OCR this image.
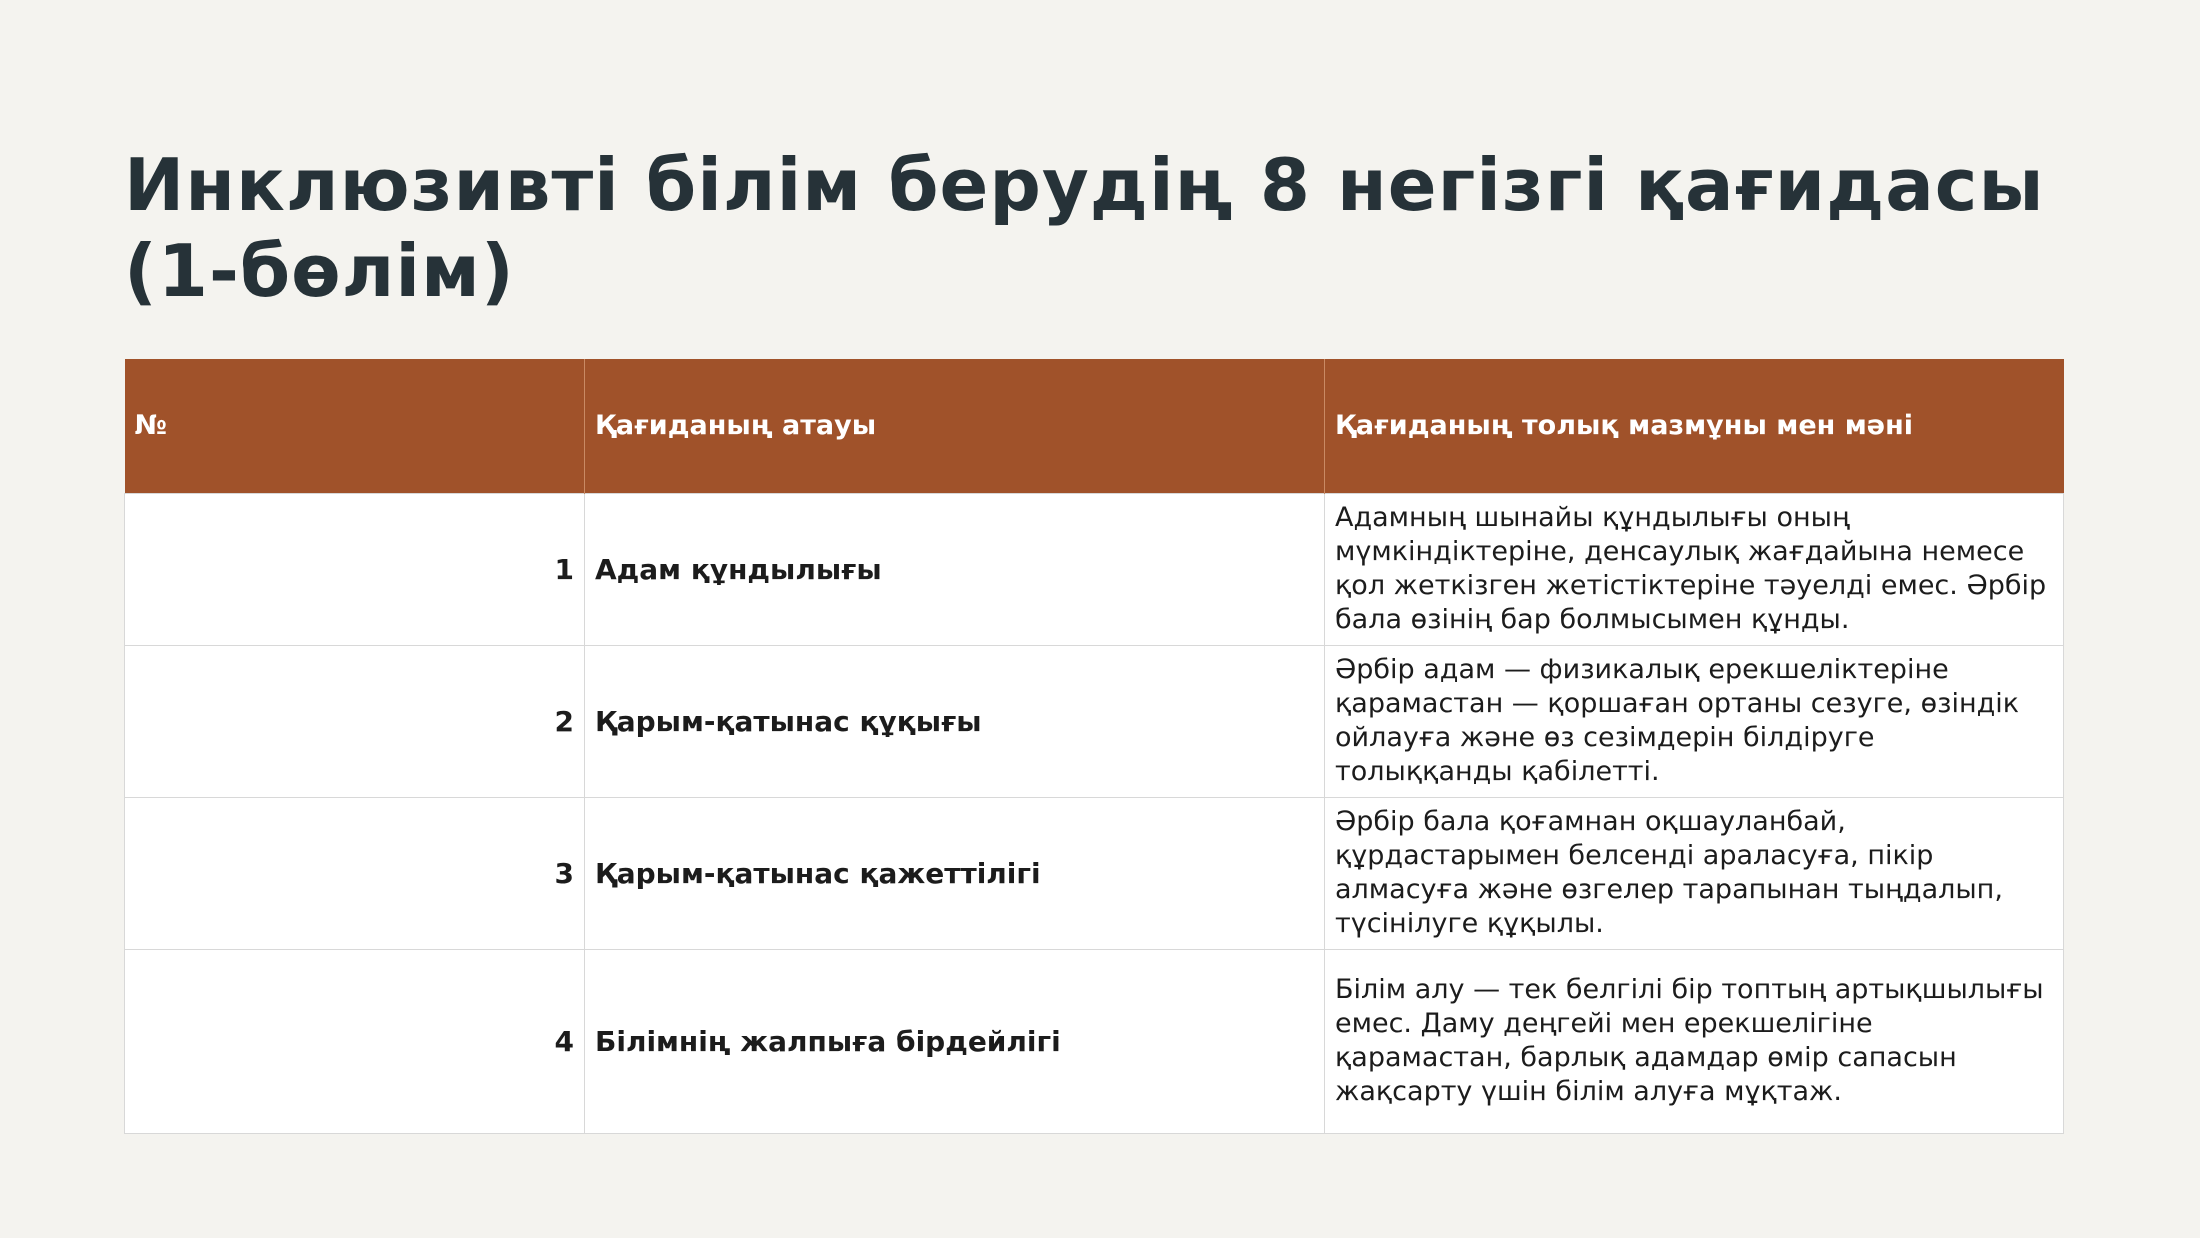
Инклюзивті білім берудің 8 негізгі қағидасы (1-бөлім)
№	Қағиданың атауы	Қағиданың толық мазмұны мен мәні
1	Адам құндылығы	Адамның шынайы құндылығы оның мүмкіндіктеріне, денсаулық жағдайына немесе қол жеткізген жетістіктеріне тәуелді емес. Әрбір бала өзінің бар болмысымен құнды.
2	Қарым-қатынас құқығы	Әрбір адам — физикалық ерекшеліктеріне қарамастан — қоршаған ортаны сезуге, өзіндік ойлауға және өз сезімдерін білдіруге толыққанды қабілетті.
3	Қарым-қатынас қажеттілігі	Әрбір бала қоғамнан оқшауланбай, құрдастарымен белсенді араласуға, пікір алмасуға және өзгелер тарапынан тыңдалып, түсінілуге құқылы.
4	Білімнің жалпыға бірдейлігі	Білім алу — тек белгілі бір топтың артықшылығы емес. Даму деңгейі мен ерекшелігіне қарамастан, барлық адамдар өмір сапасын жақсарту үшін білім алуға мұқтаж.
